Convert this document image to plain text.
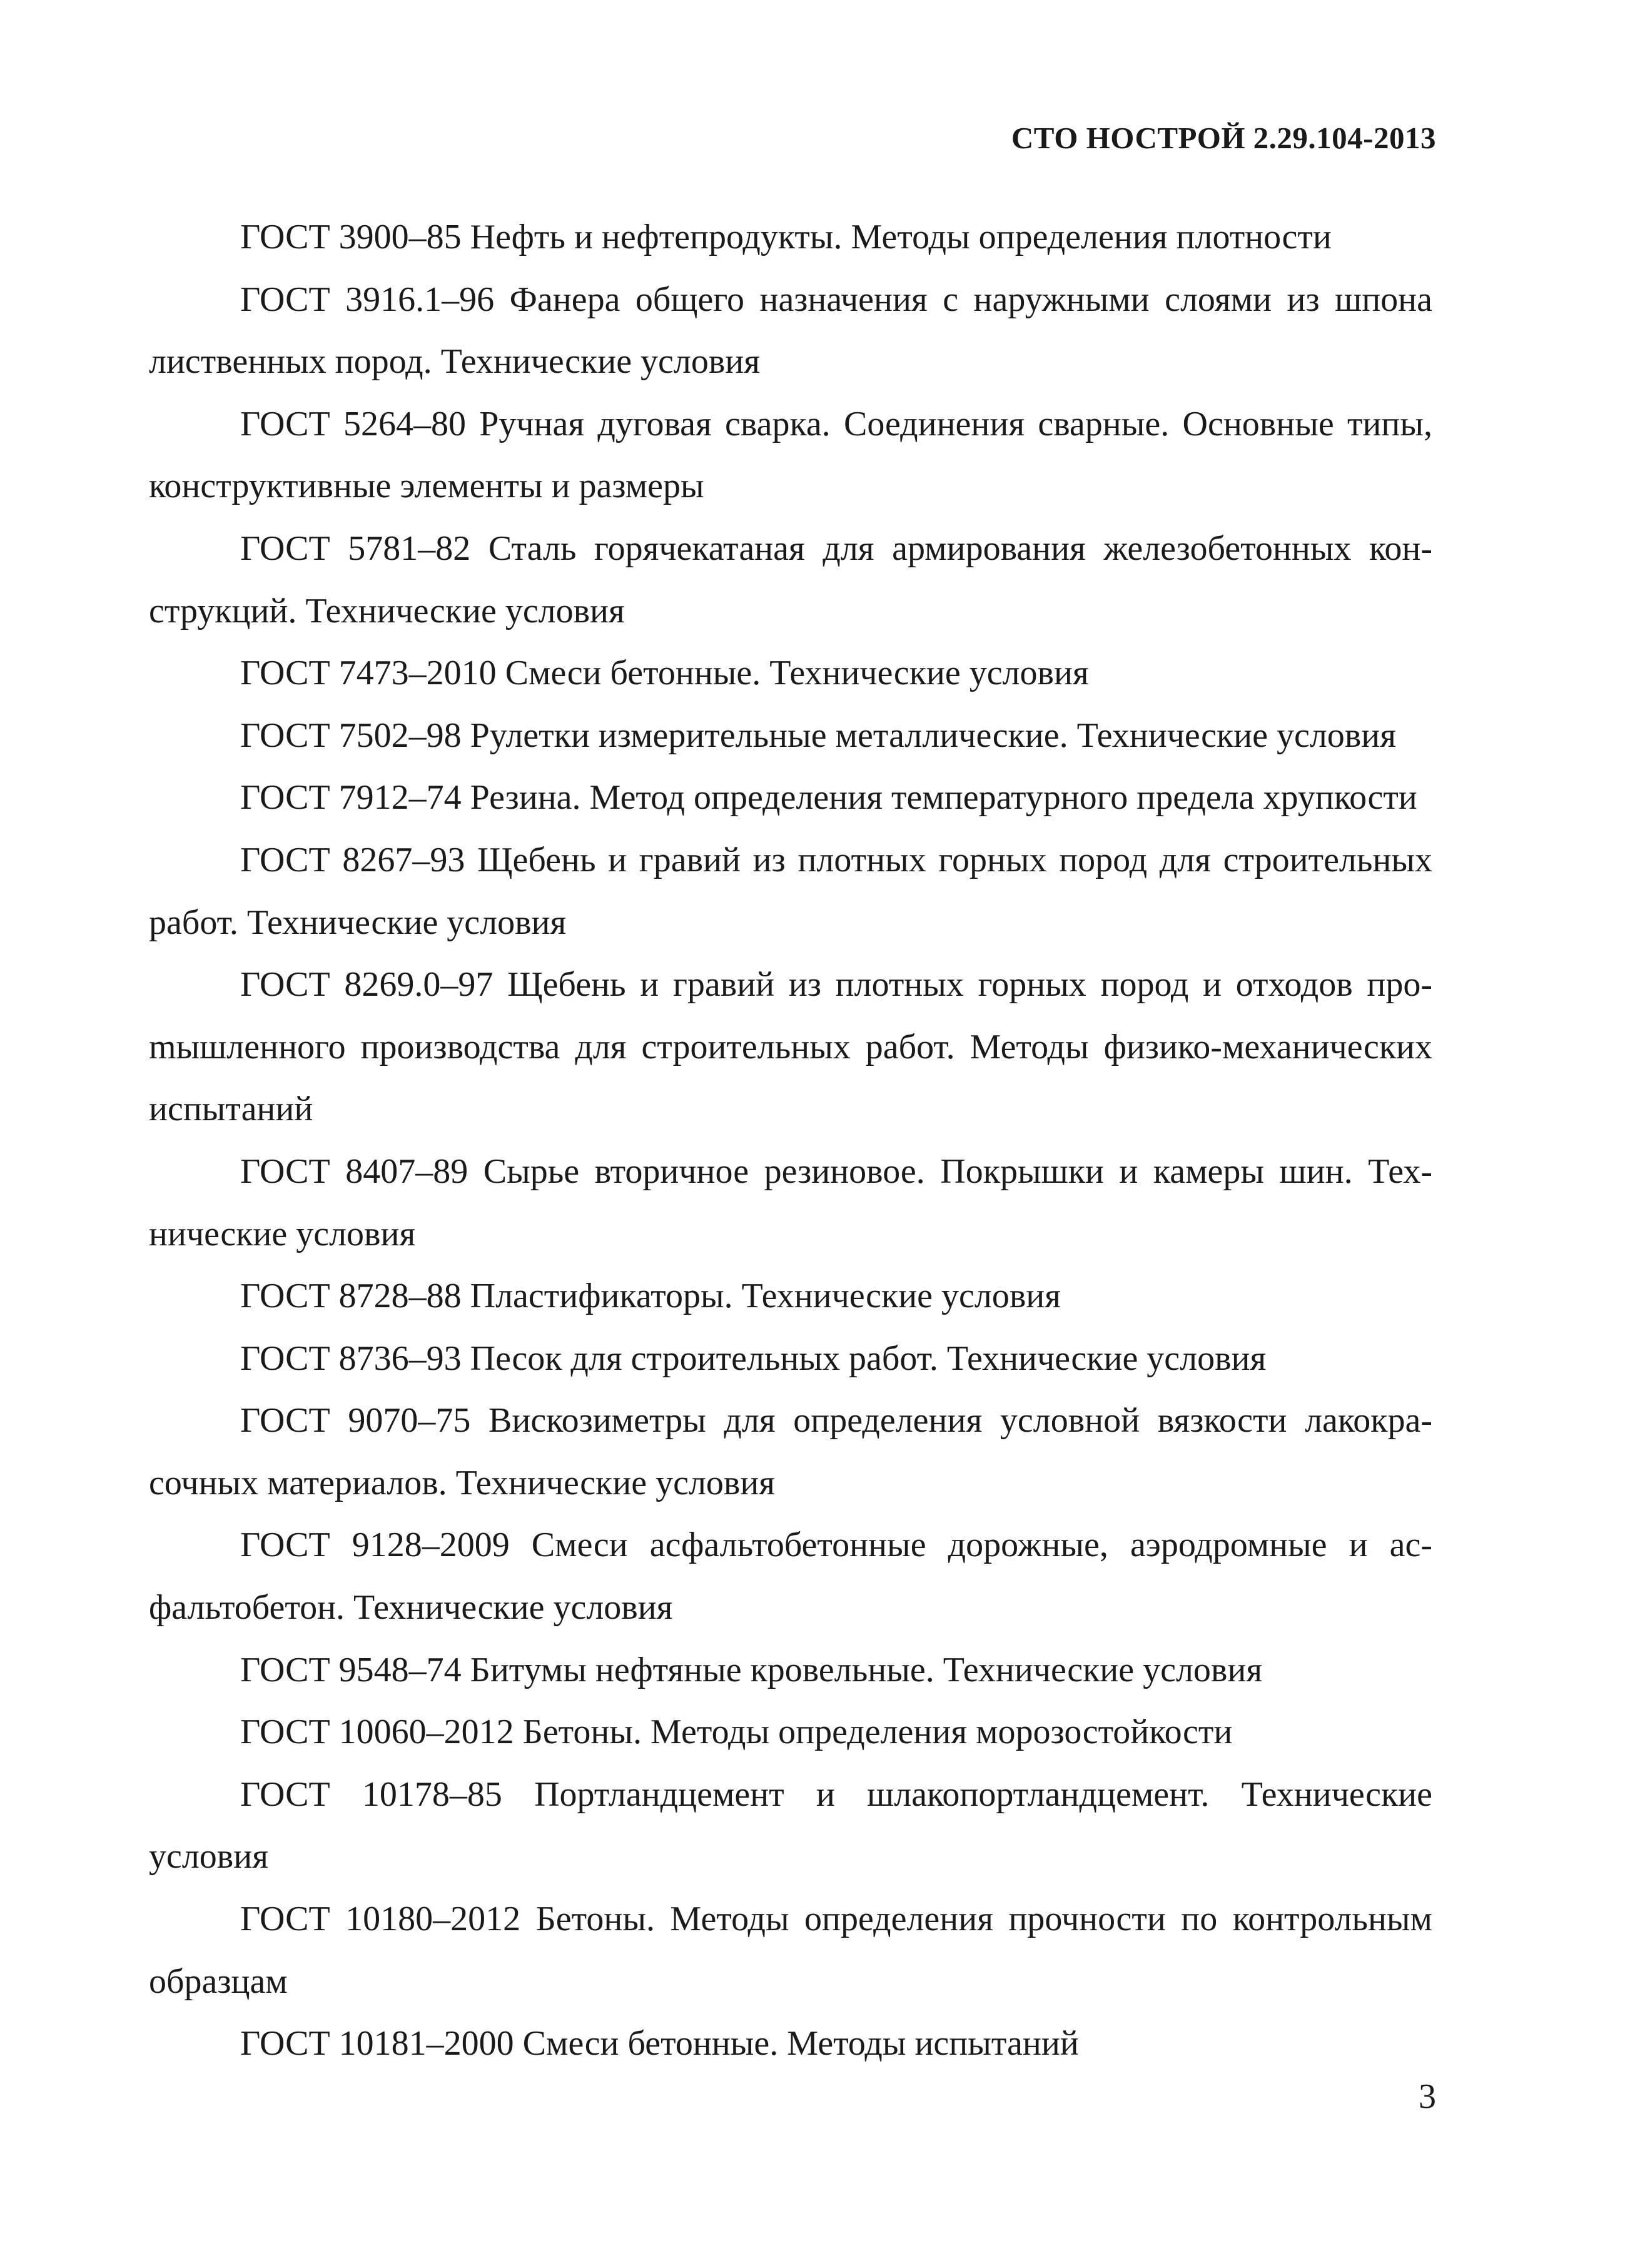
СТО НОСТРОЙ 2.29.104-2013
ГОСТ 3900–85 Нефть и нефтепродукты. Методы определения плотности
ГОСТ 3916.1–96 Фанера общего назначения с наружными слоями из шпона лиственных пород. Технические условия
ГОСТ 5264–80 Ручная дуговая сварка. Соединения сварные. Основные типы, конструктивные элементы и размеры
ГОСТ 5781–82 Сталь горячекатаная для армирования железобетонных конструкций. Технические условия
ГОСТ 7473–2010 Смеси бетонные. Технические условия
ГОСТ 7502–98 Рулетки измерительные металлические. Технические условия
ГОСТ 7912–74 Резина. Метод определения температурного предела хрупкости
ГОСТ 8267–93 Щебень и гравий из плотных горных пород для строительных работ. Технические условия
ГОСТ 8269.0–97 Щебень и гравий из плотных горных пород и отходов проmышленного производства для строительных работ. Методы физико-механических испытаний
ГОСТ 8407–89 Сырье вторичное резиновое. Покрышки и камеры шин. Технические условия
ГОСТ 8728–88 Пластификаторы. Технические условия
ГОСТ 8736–93 Песок для строительных работ. Технические условия
ГОСТ 9070–75 Вискозиметры для определения условной вязкости лакокрасочных материалов. Технические условия
ГОСТ 9128–2009 Смеси асфальтобетонные дорожные, аэродромные и асфальтобетон. Технические условия
ГОСТ 9548–74 Битумы нефтяные кровельные. Технические условия
ГОСТ 10060–2012 Бетоны. Методы определения морозостойкости
ГОСТ 10178–85 Портландцемент и шлакопортландцемент. Технические условия
ГОСТ 10180–2012 Бетоны. Методы определения прочности по контрольным образцам
ГОСТ 10181–2000 Смеси бетонные. Методы испытаний
3
